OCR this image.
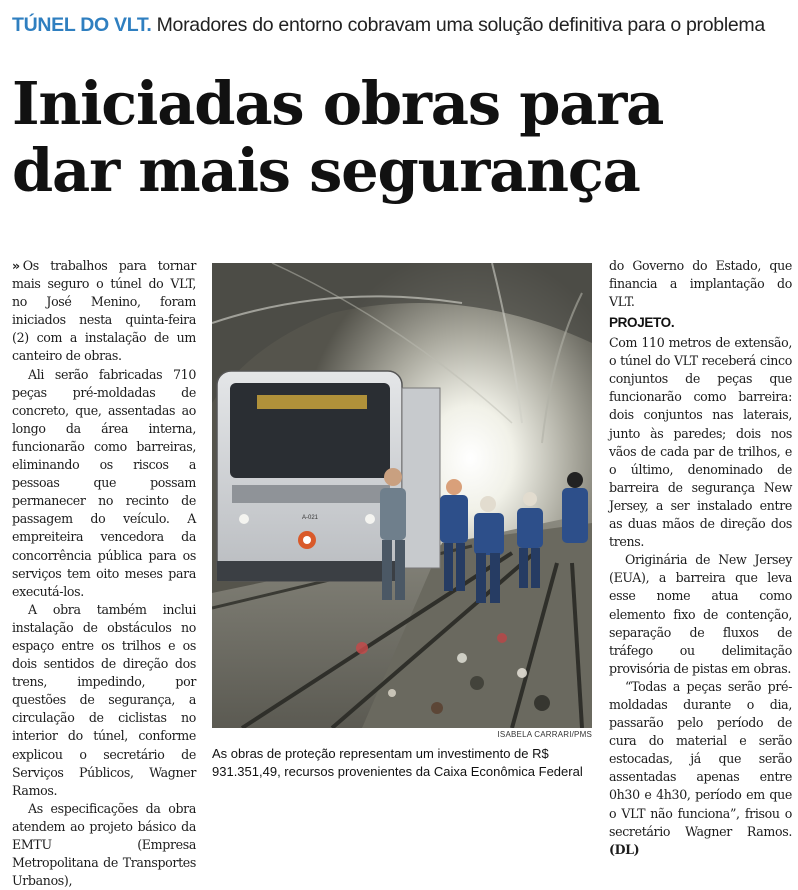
TÚNEL DO VLT. Moradores do entorno cobravam uma solução definitiva para o problema
Iniciadas obras para
dar mais segurança

» Os trabalhos para tornar mais seguro o túnel do VLT, no José Menino, foram iniciados nesta quinta-feira (2) com a instalação de um canteiro de obras.

Ali serão fabricadas 710 peças pré-moldadas de concreto, que, assentadas ao longo da área interna, funcionarão como barreiras, eliminando os riscos a pessoas que possam permanecer no recinto de passagem do veículo. A empreiteira vencedora da concorrência pública para os serviços tem oito meses para executá-los.

A obra também inclui instalação de obstáculos no espaço entre os trilhos e os dois sentidos de direção dos trens, impedindo, por questões de segurança, a circulação de ciclistas no interior do túnel, conforme explicou o secretário de Serviços Públicos, Wagner Ramos.

As especificações da obra atendem ao projeto básico da EMTU (Empresa Metropolitana de Transportes Urbanos),

A-021
ISABELA CARRARI/PMS
As obras de proteção representam um investimento de R$ 931.351,49, recursos provenientes da Caixa Econômica Federal

do Governo do Estado, que financia a implantação do VLT.

PROJETO.

Com 110 metros de extensão, o túnel do VLT receberá cinco conjuntos de peças que funcionarão como barreira: dois conjuntos nas laterais, junto às paredes; dois nos vãos de cada par de trilhos, e o último, denominado de barreira de segurança New Jersey, a ser instalado entre as duas mãos de direção dos trens.

Originária de New Jersey (EUA), a barreira que leva esse nome atua como elemento fixo de contenção, separação de fluxos de tráfego ou delimitação provisória de pistas em obras.

“Todas a peças serão pré-moldadas durante o dia, passarão pelo período de cura do material e serão estocadas, já que serão assentadas apenas entre 0h30 e 4h30, período em que o VLT não funciona”, frisou o secretário Wagner Ramos. (DL)
